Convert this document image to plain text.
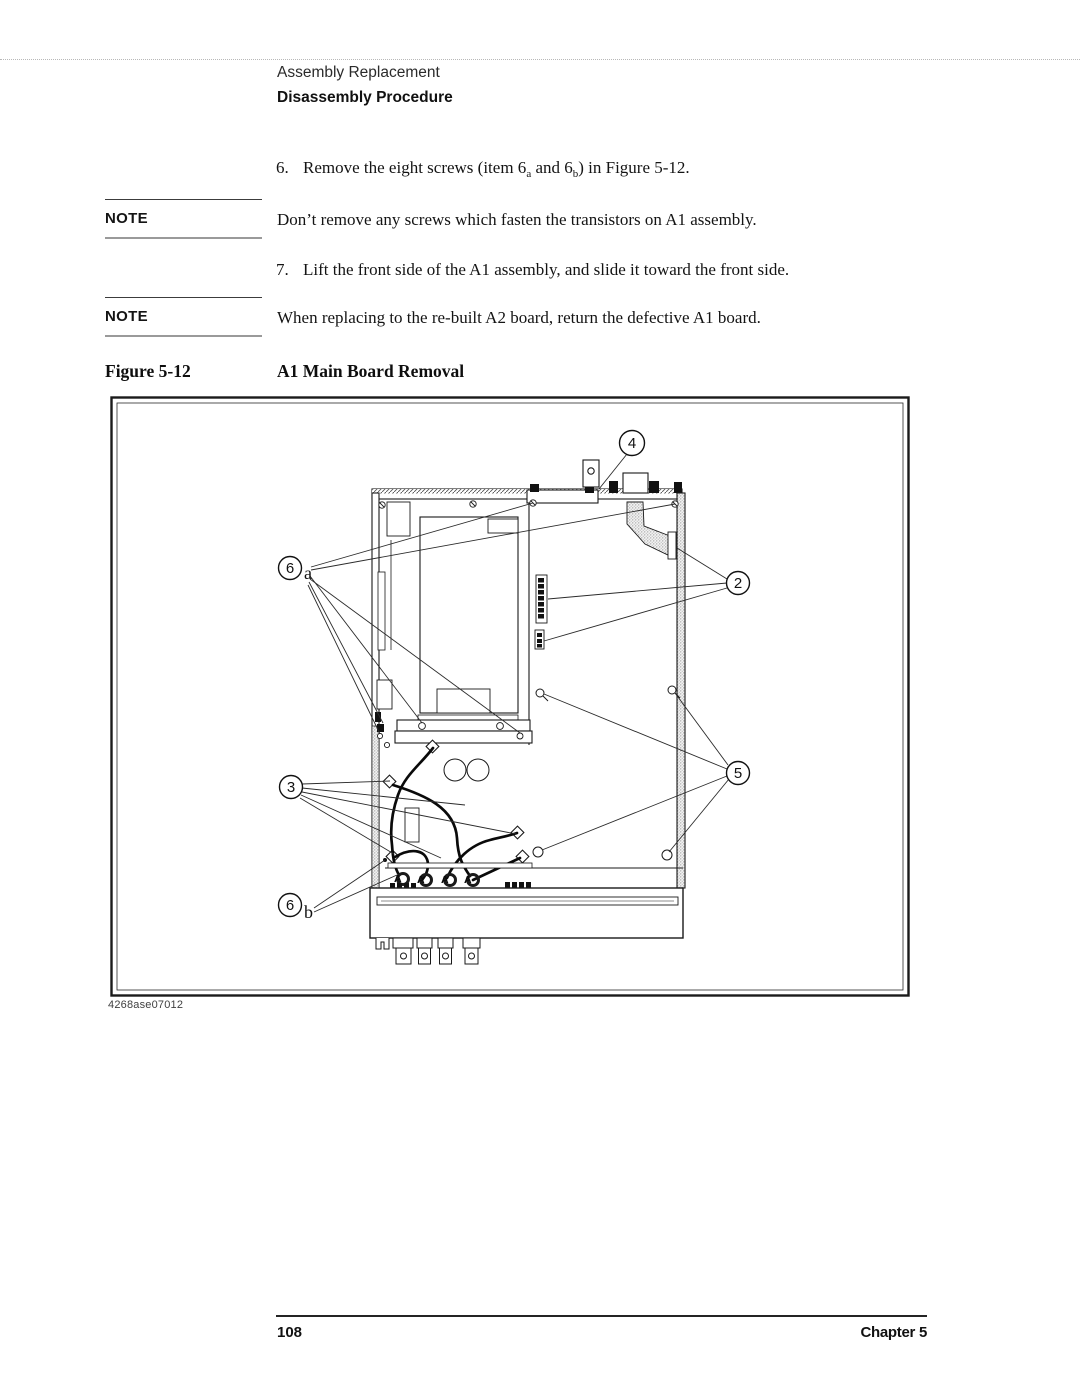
Assembly Replacement
Disassembly Procedure
6. Remove the eight screws (item $6_a$ and $6_b$) in Figure 5-12.
NOTE	Don’t remove any screws which fasten the transistors on A1 assembly.
7. Lift the front side of the A1 assembly, and slide it toward the front side.
NOTE	When replacing to the re-built A2 board, return the defective A1 board.
Figure 5-12	A1 Main Board Removal
A A A A
4
2
6 a
3
5
6 b
4268ase07012
108	Chapter 5
